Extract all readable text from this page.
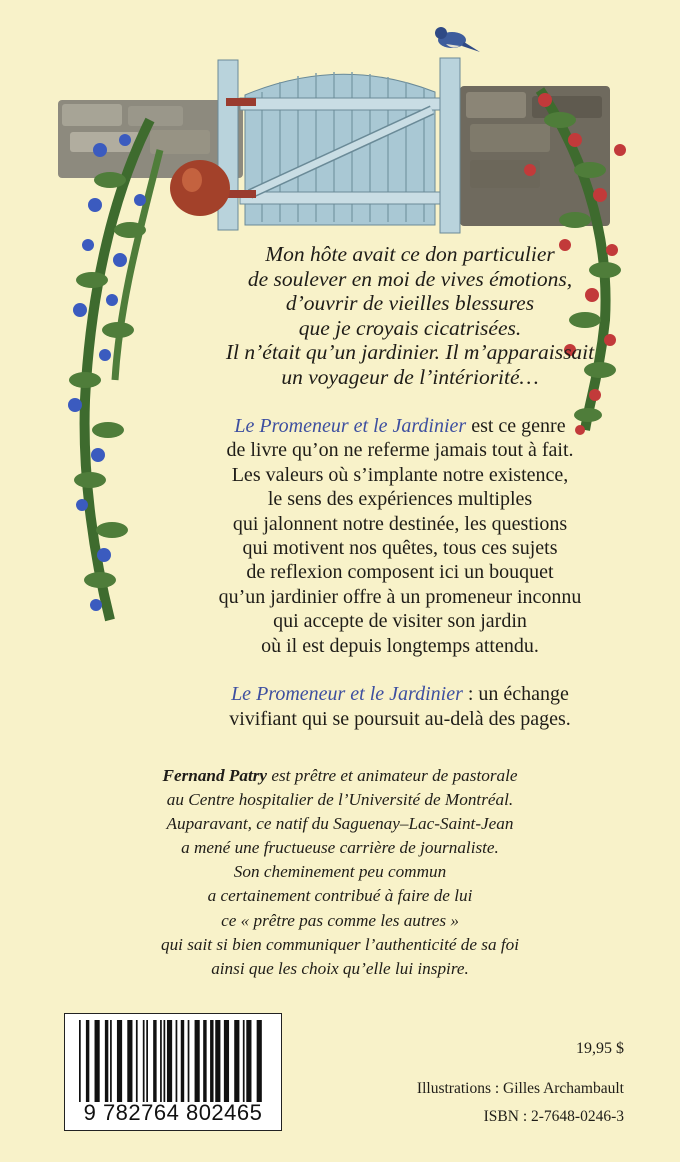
Mon hôte avait ce don particulier
de soulever en moi de vives émotions,
d’ouvrir de vieilles blessures
que je croyais cicatrisées.
Il n’était qu’un jardinier. Il m’apparaissait
un voyageur de l’intériorité…
Le Promeneur et le Jardinier est ce genre
de livre qu’on ne referme jamais tout à fait.
Les valeurs où s’implante notre existence,
le sens des expériences multiples
qui jalonnent notre destinée, les questions
qui motivent nos quêtes, tous ces sujets
de reflexion composent ici un bouquet
qu’un jardinier offre à un promeneur inconnu
qui accepte de visiter son jardin
où il est depuis longtemps attendu.
Le Promeneur et le Jardinier : un échange
vivifiant qui se poursuit au-delà des pages.
Fernand Patry est prêtre et animateur de pastorale
au Centre hospitalier de l’Université de Montréal.
Auparavant, ce natif du Saguenay–Lac-Saint-Jean
a mené une fructueuse carrière de journaliste.
Son cheminement peu commun
a certainement contribué à faire de lui
ce « prêtre pas comme les autres »
qui sait si bien communiquer l’authenticité de sa foi
ainsi que les choix qu’elle lui inspire.
9 782764 802465
19,95 $
Illustrations : Gilles Archambault
ISBN : 2-7648-0246-3
